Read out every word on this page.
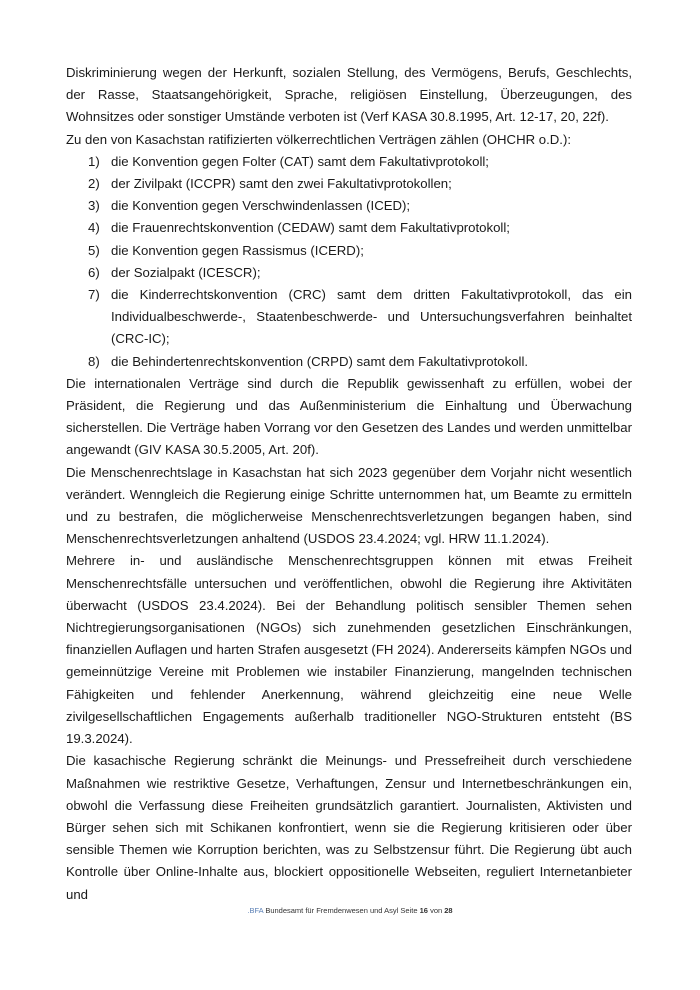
Diskriminierung wegen der Herkunft, sozialen Stellung, des Vermögens, Berufs, Geschlechts, der Rasse, Staatsangehörigkeit, Sprache, religiösen Einstellung, Überzeugungen, des Wohnsitzes oder sonstiger Umstände verboten ist (Verf KASA 30.8.1995, Art. 12-17, 20, 22f).

Zu den von Kasachstan ratifizierten völkerrechtlichen Verträgen zählen (OHCHR o.D.):

1) die Konvention gegen Folter (CAT) samt dem Fakultativprotokoll;
2) der Zivilpakt (ICCPR) samt den zwei Fakultativprotokollen;
3) die Konvention gegen Verschwindenlassen (ICED);
4) die Frauenrechtskonvention (CEDAW) samt dem Fakultativprotokoll;
5) die Konvention gegen Rassismus (ICERD);
6) der Sozialpakt (ICESCR);
7) die Kinderrechtskonvention (CRC) samt dem dritten Fakultativprotokoll, das ein Individualbeschwerde-, Staatenbeschwerde- und Untersuchungsverfahren beinhaltet (CRC-IC);
8) die Behindertenrechtskonvention (CRPD) samt dem Fakultativprotokoll.

Die internationalen Verträge sind durch die Republik gewissenhaft zu erfüllen, wobei der Präsident, die Regierung und das Außenministerium die Einhaltung und Überwachung sicherstellen. Die Verträge haben Vorrang vor den Gesetzen des Landes und werden unmittelbar angewandt (GIV KASA 30.5.2005, Art. 20f).

Die Menschenrechtslage in Kasachstan hat sich 2023 gegenüber dem Vorjahr nicht wesentlich verändert. Wenngleich die Regierung einige Schritte unternommen hat, um Beamte zu ermitteln und zu bestrafen, die möglicherweise Menschenrechtsverletzungen begangen haben, sind Menschenrechtsverletzungen anhaltend (USDOS 23.4.2024; vgl. HRW 11.1.2024).

Mehrere in- und ausländische Menschenrechtsgruppen können mit etwas Freiheit Menschenrechtsfälle untersuchen und veröffentlichen, obwohl die Regierung ihre Aktivitäten überwacht (USDOS 23.4.2024). Bei der Behandlung politisch sensibler Themen sehen Nichtregierungsorganisationen (NGOs) sich zunehmenden gesetzlichen Einschränkungen, finanziellen Auflagen und harten Strafen ausgesetzt (FH 2024). Andererseits kämpfen NGOs und gemeinnützige Vereine mit Problemen wie instabiler Finanzierung, mangelnden technischen Fähigkeiten und fehlender Anerkennung, während gleichzeitig eine neue Welle zivilgesellschaftlichen Engagements außerhalb traditioneller NGO-Strukturen entsteht (BS 19.3.2024).

Die kasachische Regierung schränkt die Meinungs- und Pressefreiheit durch verschiedene Maßnahmen wie restriktive Gesetze, Verhaftungen, Zensur und Internetbeschränkungen ein, obwohl die Verfassung diese Freiheiten grundsätzlich garantiert. Journalisten, Aktivisten und Bürger sehen sich mit Schikanen konfrontiert, wenn sie die Regierung kritisieren oder über sensible Themen wie Korruption berichten, was zu Selbstzensur führt. Die Regierung übt auch Kontrolle über Online-Inhalte aus, blockiert oppositionelle Webseiten, reguliert Internetanbieter und

.BFA Bundesamt für Fremdenwesen und Asyl Seite 16 von 28
